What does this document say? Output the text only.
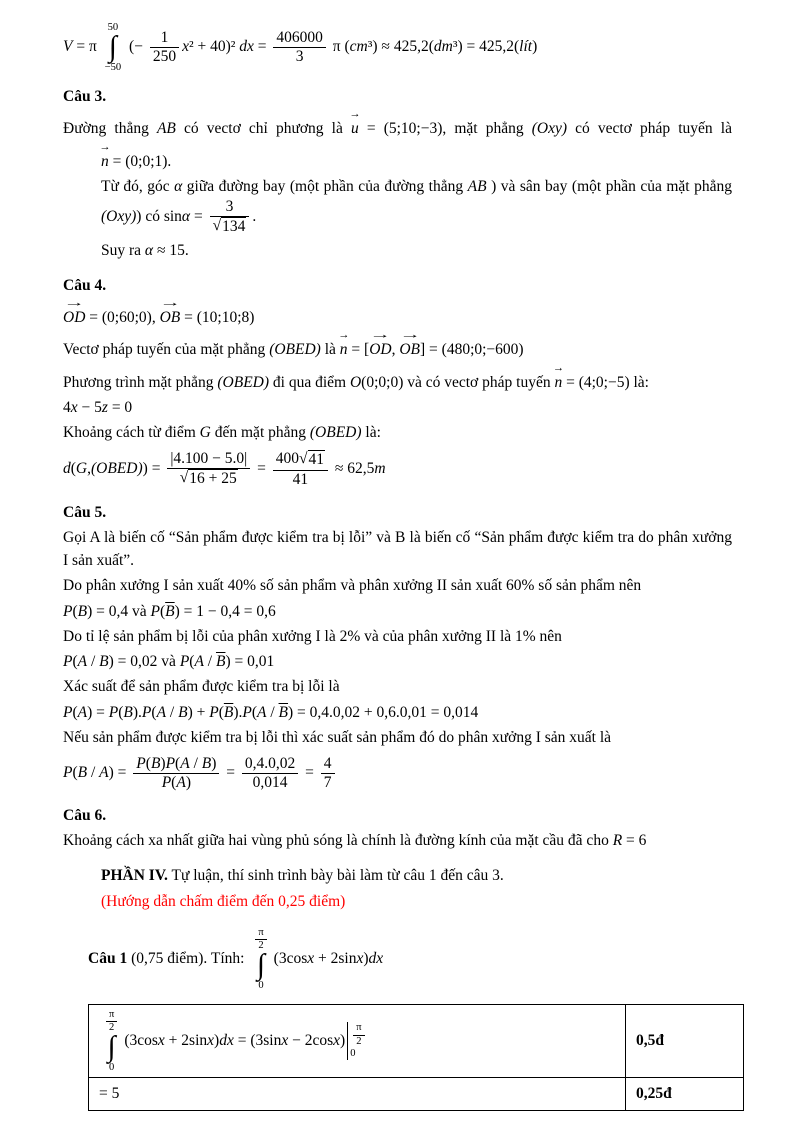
V = π
50
∫
−50
(− $\frac{1}{250} x^2 + 40)^2$ dx = $\frac{406000}{3}$ π (cm³) ≈ 425,2(dm³) = 425,2(lít)
Câu 3.

Đường thẳng AB có vectơ chỉ phương là
→
u = (5;10;−3), mặt phẳng (Oxy) có vectơ pháp tuyến là

→
n = (0;0;1).

Từ đó, góc α giữa đường bay (một phần của đường thẳng AB ) và sân bay (một phần của mặt phẳng (Oxy)) có $\sin\alpha = \frac{3}{√ 134}$ .

Suy ra α ≈ 15.

Câu 4.

→
OD = (0;60;0),
→
OB = (10;10;8)

Vectơ pháp tuyến của mặt phẳng (OBED) là
→
n = [
→
OD,
→
OB] = (480;0;−600)

Phương trình mặt phẳng (OBED) đi qua điểm O(0;0;0) và có vectơ pháp tuyến
→
n = (4;0;−5) là:

4x − 5z = 0

Khoảng cách từ điểm G đến mặt phẳng (OBED) là:

d(G,(OBED)) = $\frac{|4.100 - 5.0|}{√ 16 + 25} = \frac{400 √ 41}{41} \approx 62,5m$

Câu 5.

Gọi A là biến cố “Sản phẩm được kiểm tra bị lỗi” và B là biến cố “Sản phẩm được kiểm tra do phân xưởng I sản xuất”.

Do phân xưởng I sản xuất 40% số sản phẩm và phân xưởng II sản xuất 60% số sản phẩm nên

P(B) = 0,4 và $P(\overline{B}) = 1 - 0,4 = 0,6$

Do tỉ lệ sản phẩm bị lỗi của phân xưởng I là 2% và của phân xưởng II là 1% nên

P(A / B) = 0,02 và $P(A / \overline{B}) = 0,01$

Xác suất để sản phẩm được kiểm tra bị lỗi là

$P(A) = P(B).P(A / B) + P(\overline{B}).P(A / \overline{B}) = 0,4.0,02 + 0,6.0,01 = 0,014$

Nếu sản phẩm được kiểm tra bị lỗi thì xác suất sản phẩm đó do phân xưởng I sản xuất là

$P(B / A) = \frac{P(B)P(A / B)}{P(A)} = \frac{0,4.0,02}{0,014} = \frac{4}{7}$

Câu 6.

Khoảng cách xa nhất giữa hai vùng phủ sóng là chính là đường kính của mặt cầu đã cho R = 6

PHẦN IV. Tự luận, thí sinh trình bày bài làm từ câu 1 đến câu 3.

(Hướng dẫn chấm điểm đến 0,25 điểm)

Câu 1 (0,75 điểm). Tính:
$\frac{\pi}{2}$
∫
0
(3cosx + 2sinx)dx

$\frac{\pi}{2}$
∫
0
$(3\cos x + 2\sin x)dx = (3\sin x - 2\cos x) \frac{\pi}{2}$
0
	0,5đ
= 5	0,25đ
